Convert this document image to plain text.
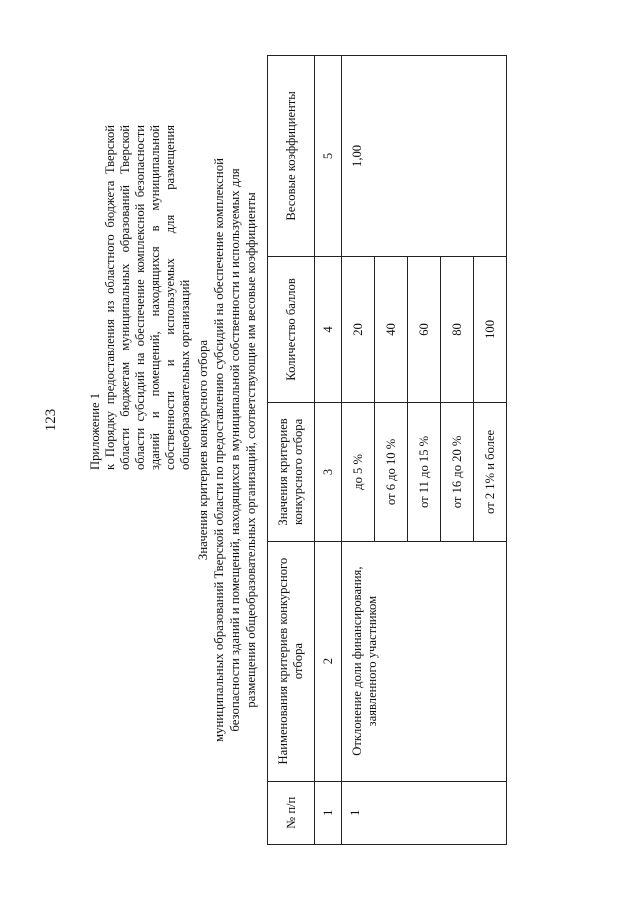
123 Приложение 1 к Порядку предоставления из областного бюджета Тверской области бюджетам муниципальных образований Тверской области субсидий на обеспечение комплексной безопасности зданий и помещений, находящихся в муниципальной собственности и используемых для размещения общеобразовательных организаций Значения критериев конкурсного отбора муниципальных образований Тверской области по предоставлению субсидий на обеспечение комплексной безопасности зданий и помещений, находящихся в муниципальной собственности и используемых для размещения общеобразовательных организаций, соответствующие им весовые коэффициенты
№ п/п	Наименования критериев конкурсного отбора	Значения критериев конкурсного отбора	Количество баллов	Весовые коэффициенты
1	2	3	4	5
1	Отклонение доли финансирования, заявленного участником	до 5 %	20	1,00
		от 6 до 10 %	40	
		от 11 до 15 %	60	
		от 16 до 20 %	80	
		от 2 1% и более	100	
